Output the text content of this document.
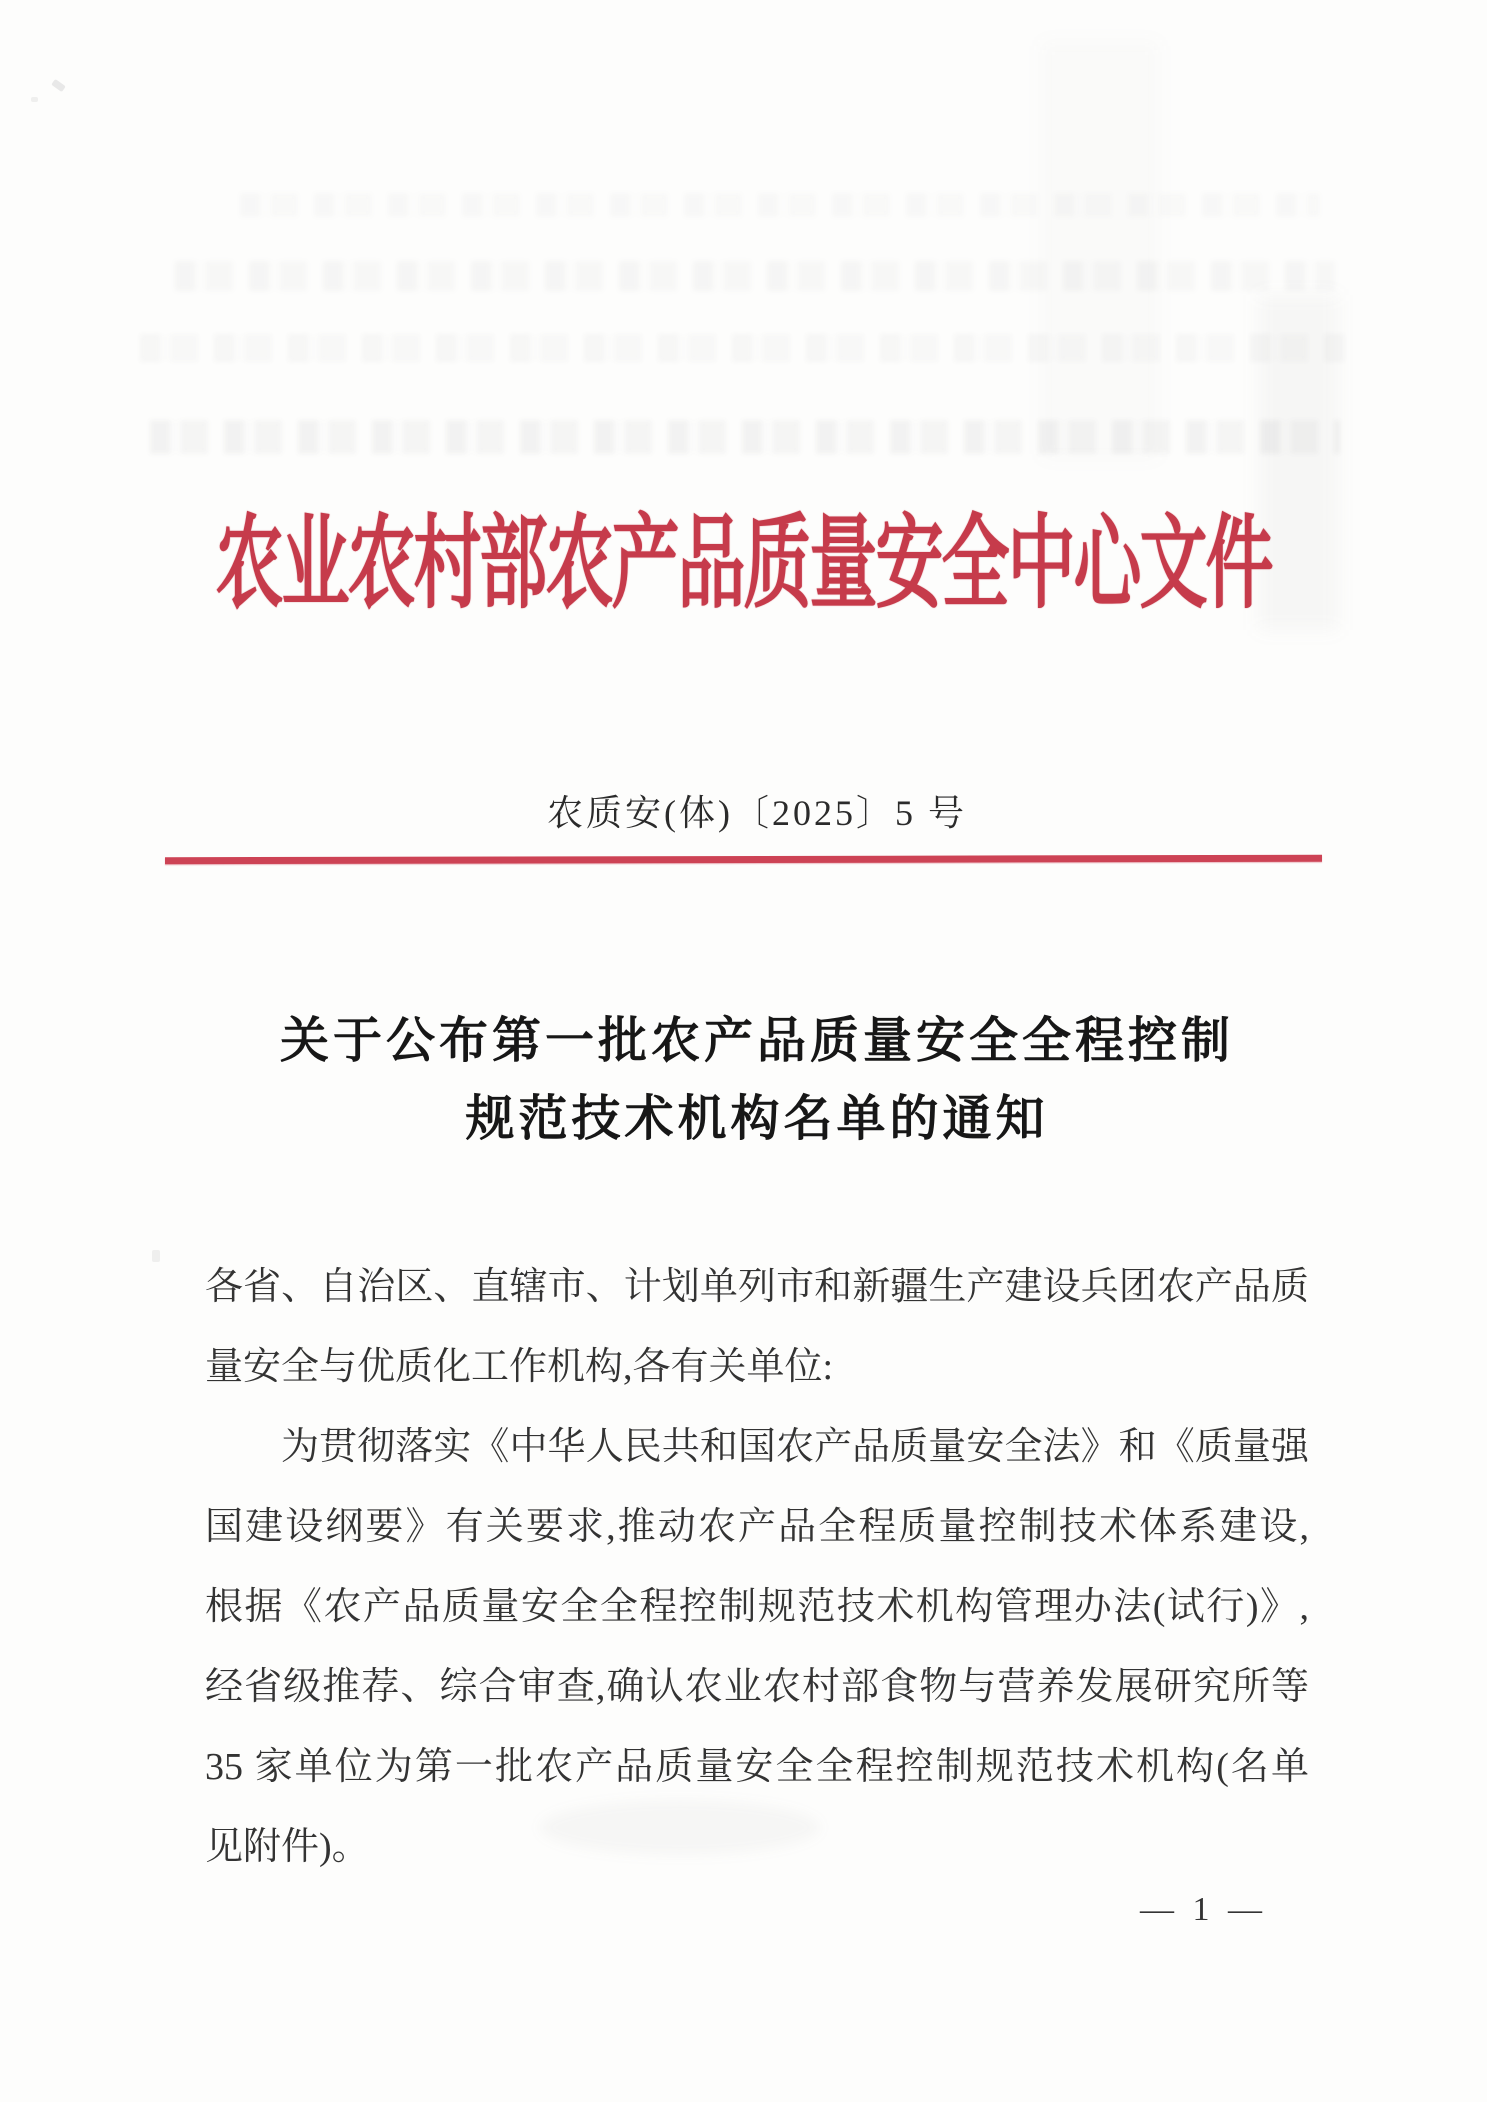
农业农村部农产品质量安全中心文件
农质安(体)〔2025〕5 号
关于公布第一批农产品质量安全全程控制
规范技术机构名单的通知
各省、自治区、直辖市、计划单列市和新疆生产建设兵团农产品质
量安全与优质化工作机构,各有关单位:
为贯彻落实《中华人民共和国农产品质量安全法》和《质量强
国建设纲要》有关要求,推动农产品全程质量控制技术体系建设,
根据《农产品质量安全全程控制规范技术机构管理办法(试行)》,
经省级推荐、综合审查,确认农业农村部食物与营养发展研究所等
35 家单位为第一批农产品质量安全全程控制规范技术机构(名单
见附件)。
— 1 —
